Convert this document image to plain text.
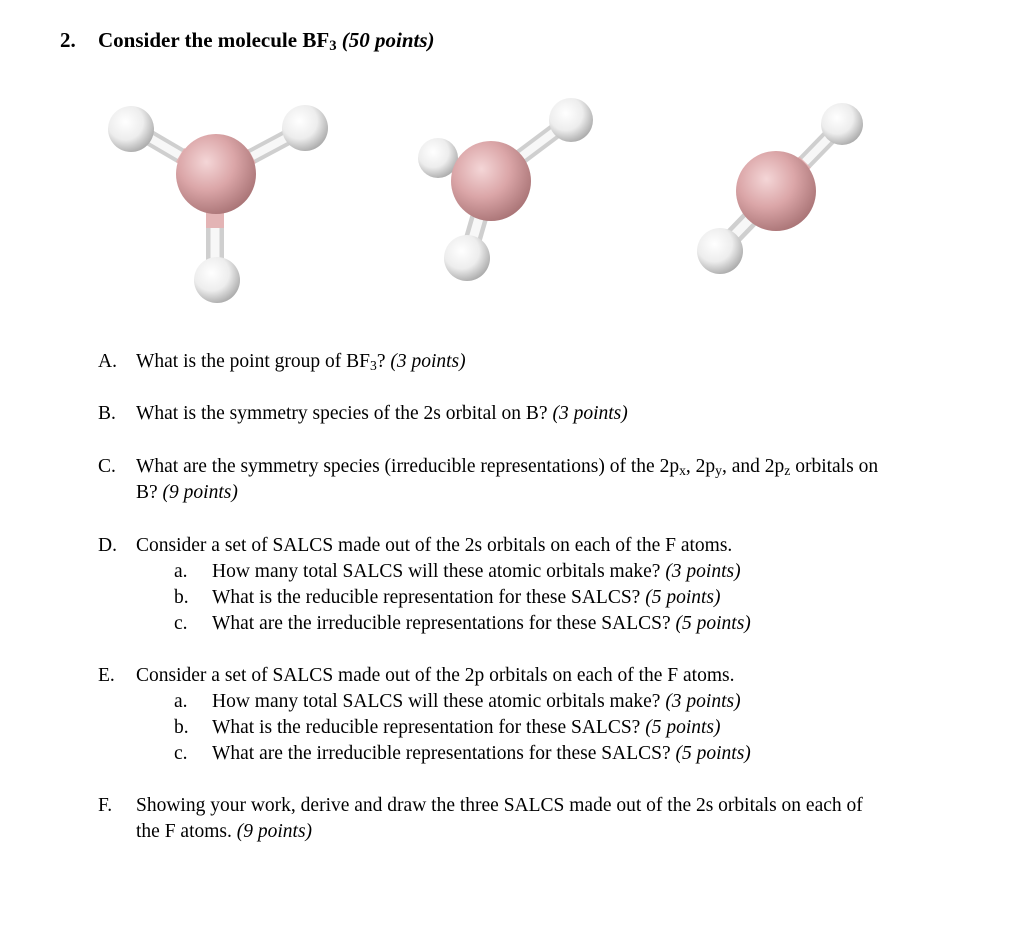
2. Consider the molecule $BF_3$ (50 points)
A. What is the point group of $BF_3$? (3 points)
B.	What is the symmetry species of the 2s orbital on B? (3 points)
C.	What are the symmetry species (irreducible representations) of the $2p_x$, $2p_y$, and $2p_z$ orbitals on
B? (9 points)
D. Consider a set of SALCS made out of the 2s orbitals on each of the F atoms.
a. How many total SALCS will these atomic orbitals make? (3 points)
b. What is the reducible representation for these SALCS? (5 points)
c. What are the irreducible representations for these SALCS? (5 points)
E.	Consider a set of SALCS made out of the 2p orbitals on each of the F atoms.
a. How many total SALCS will these atomic orbitals make? (3 points)
b. What is the reducible representation for these SALCS? (5 points)
c. What are the irreducible representations for these SALCS? (5 points)
F.	Showing your work, derive and draw the three SALCS made out of the 2s orbitals on each of
the F atoms. (9 points)
